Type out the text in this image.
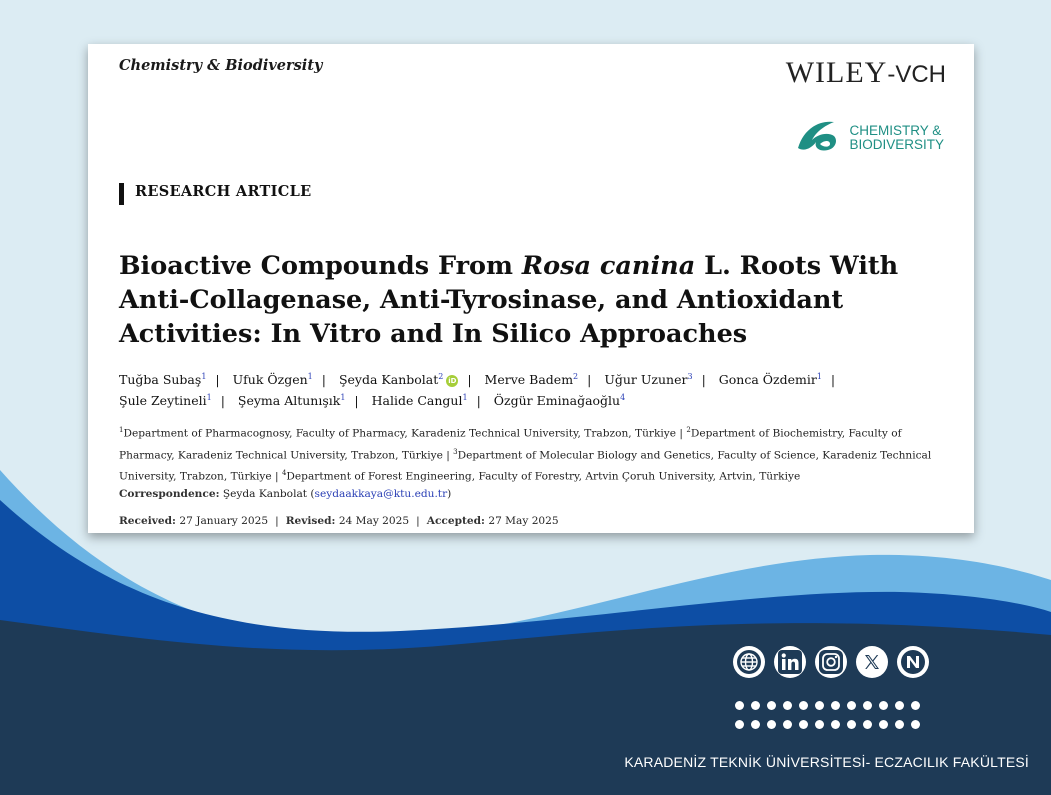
Chemistry & Biodiversity	WILEY-VCH
CHEMISTRY &
BIODIVERSITY
RESEARCH ARTICLE
Bioactive Compounds From Rosa canina L. Roots With Anti-Collagenase, Anti-Tyrosinase, and Antioxidant Activities: In Vitro and In Silico Approaches
Tuğba Subaş$^1$ | Ufuk Özgen$^1$ | Şeyda Kanbolat$^2$iD | Merve Badem$^2$ | Uğur Uzuner$^3$ | Gonca Özdemir$^1$ |
Şule Zeytineli$^1$ | Şeyma Altunışık$^1$ | Halide Cangul$^1$ | Özgür Eminağaoğlu$^4$
$^1$Department of Pharmacognosy, Faculty of Pharmacy, Karadeniz Technical University, Trabzon, Türkiye | $^2$Department of Biochemistry, Faculty of Pharmacy, Karadeniz Technical University, Trabzon, Türkiye | $^3$Department of Molecular Biology and Genetics, Faculty of Science, Karadeniz Technical University, Trabzon, Türkiye | $^4$Department of Forest Engineering, Faculty of Forestry, Artvin Çoruh University, Artvin, Türkiye
Correspondence: Şeyda Kanbolat (seydaakkaya@ktu.edu.tr)
Received: 27 January 2025 | Revised: 24 May 2025 | Accepted: 27 May 2025
KARADENİZ TEKNİK ÜNİVERSİTESİ- ECZACILIK FAKÜLTESİ
